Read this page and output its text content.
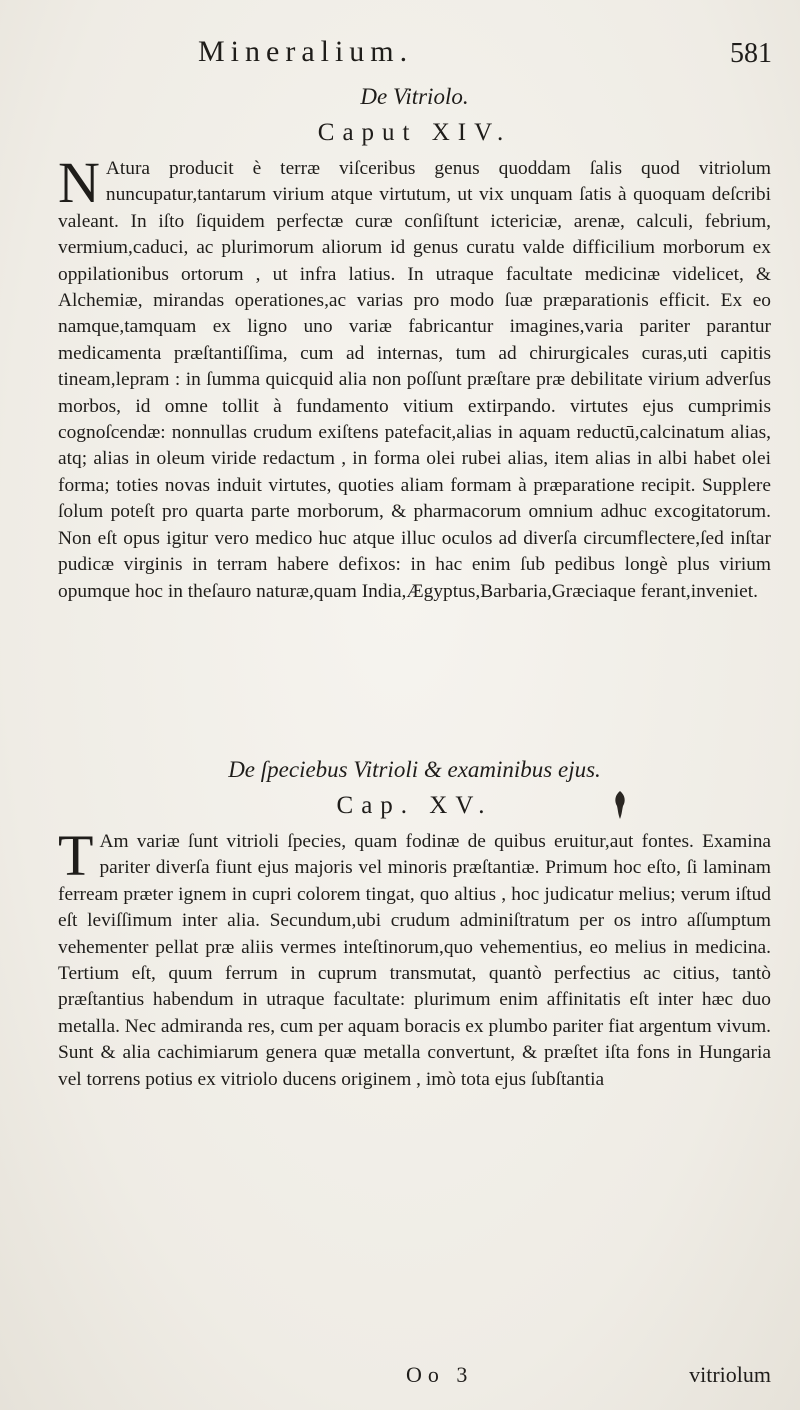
Mineralium.	581
De Vitriolo.
Caput XIV.

N Atura producit è terræ viſceribus genus quoddam ſalis quod vitriolum nuncupatur,tantarum virium atque virtutum, ut vix unquam ſatis à quoquam deſcribi valeant. In iſto ſiquidem perfectæ curæ conſiſtunt ictericiæ, arenæ, calculi, febrium, vermium,caduci, ac plurimorum aliorum id genus curatu valde difficilium morborum ex oppilationibus ortorum , ut infra latius. In utraque facultate medicinæ videlicet, & Alchemiæ, mirandas operationes,ac varias pro modo ſuæ præparationis efficit. Ex eo namque,tamquam ex ligno uno variæ fabricantur imagines,varia pariter parantur medicamenta præſtantiſſima, cum ad internas, tum ad chirurgicales curas,uti capitis tineam,lepram : in ſumma quicquid alia non poſſunt præſtare præ debilitate virium adverſus morbos, id omne tollit à fundamento vitium extirpando. virtutes ejus cumprimis cognoſcendæ: nonnullas crudum exiſtens patefacit,alias in aquam reductū,calcinatum alias, atq; alias in oleum viride redactum , in forma olei rubei alias, item alias in albi habet olei forma; toties novas induit virtutes, quoties aliam formam à præparatione recipit. Supplere ſolum poteſt pro quarta parte morborum, & pharmacorum omnium adhuc excogitatorum. Non eſt opus igitur vero medico huc atque illuc oculos ad diverſa circumflectere,ſed inſtar pudicæ virginis in terram habere defixos: in hac enim ſub pedibus longè plus virium opumque hoc in theſauro naturæ,quam India,Ægyptus,Barbaria,Græciaque ferant,inveniet.

De ſpeciebus Vitrioli & examinibus ejus.
Cap. XV.

T Am variæ ſunt vitrioli ſpecies, quam fodinæ de quibus eruitur,aut fontes. Examina pariter diverſa fiunt ejus majoris vel minoris præſtantiæ. Primum hoc eſto, ſi laminam ferream præter ignem in cupri colorem tingat, quo altius , hoc judicatur melius; verum iſtud eſt leviſſimum inter alia. Secundum,ubi crudum adminiſtratum per os intro aſſumptum vehementer pellat præ aliis vermes inteſtinorum,quo vehementius, eo melius in medicina. Tertium eſt, quum ferrum in cuprum transmutat, quantò perfectius ac citius, tantò præſtantius habendum in utraque facultate: plurimum enim affinitatis eſt inter hæc duo metalla. Nec admiranda res, cum per aquam boracis ex plumbo pariter fiat argentum vivum. Sunt & alia cachimiarum genera quæ metalla convertunt, & præſtet iſta fons in Hungaria vel torrens potius ex vitriolo ducens originem , imò tota ejus ſubſtantia

Oo 3	vitriolum
